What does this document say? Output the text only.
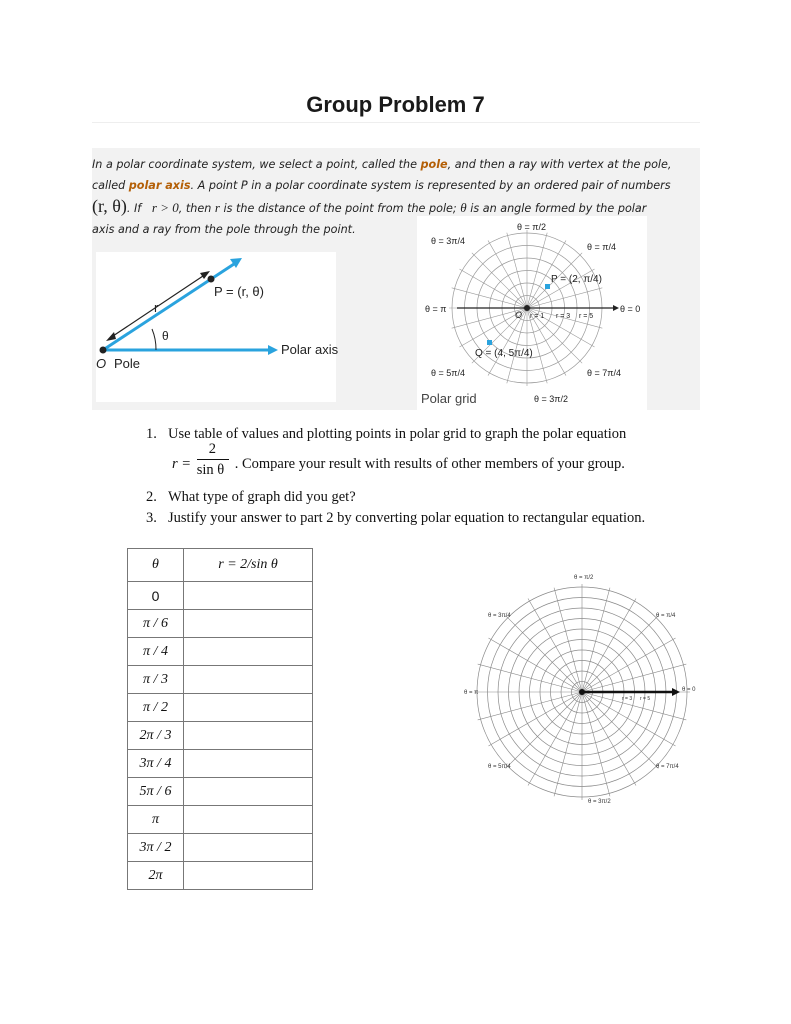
Group Problem 7
In a polar coordinate system, we select a point, called the pole, and then a ray with vertex at the pole,
called polar axis. A point P in a polar coordinate system is represented by an ordered pair of numbers
(r, θ). If r > 0, then r is the distance of the point from the pole; θ is an angle formed by the polar
axis and a ray from the pole through the point.
P = (r, θ)
r
θ
O Pole
Polar axis
θ = π/2
θ = 3π/4
θ = π/4
θ = π	θ = 0
θ = 5π/4	θ = 7π/4
θ = 3π/2
P = (2, π/4)
Q = (4, 5π/4)
O r = 1 r = 3 r = 5
Polar grid
1. Use table of values and plotting points in polar grid to graph the polar equation
$r = \frac{2}{\text{sin θ}}$ . Compare your result with results of other members of your group.
2. What type of graph did you get?
3. Justify your answer to part 2 by converting polar equation to rectangular equation.
θ	r = 2/sin θ
0	
π / 6	
π / 4	
π / 3	
π / 2	
2π / 3	
3π / 4	
5π / 6	
π	
3π / 2	
2π	
θ = π/2
θ = 3π/4	θ = π/4
θ = π	θ = 0
θ = 5π/4	θ = 7π/4
θ = 3π/2
r = 3 r = 5
